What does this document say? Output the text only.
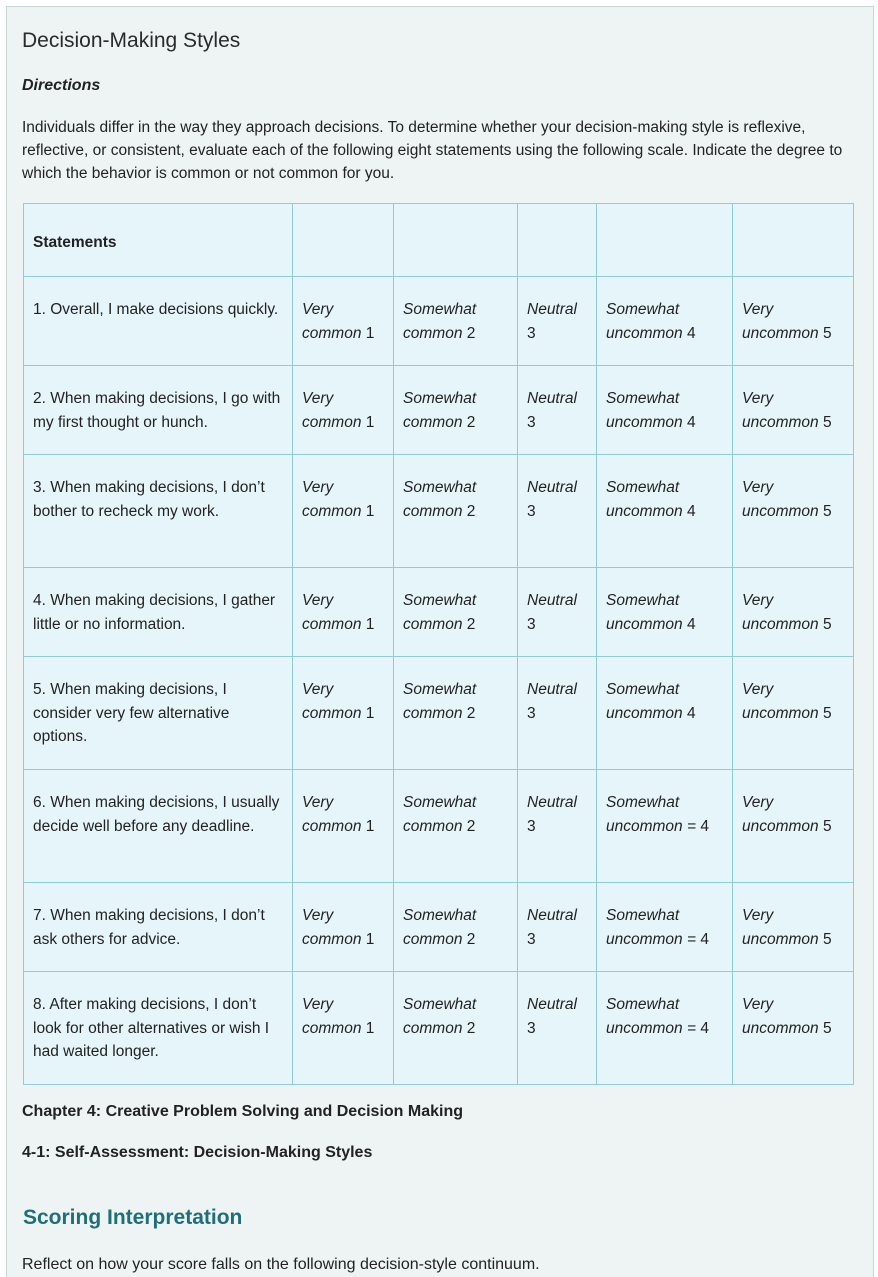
Decision-Making Styles
Directions
Individuals differ in the way they approach decisions. To determine whether your decision-making style is reflexive, reflective, or consistent, evaluate each of the following eight statements using the following scale. Indicate the degree to which the behavior is common or not common for you.
Statements					
1. Overall, I make decisions quickly.	Very common 1	Somewhat common 2	Neutral 3	Somewhat uncommon 4	Very uncommon 5
2. When making decisions, I go with my first thought or hunch.	Very common 1	Somewhat common 2	Neutral 3	Somewhat uncommon 4	Very uncommon 5
3. When making decisions, I don’t bother to recheck my work.	Very common 1	Somewhat common 2	Neutral 3	Somewhat uncommon 4	Very uncommon 5
4. When making decisions, I gather little or no information.	Very common 1	Somewhat common 2	Neutral 3	Somewhat uncommon 4	Very uncommon 5
5. When making decisions, I consider very few alternative options.	Very common 1	Somewhat common 2	Neutral 3	Somewhat uncommon 4	Very uncommon 5
6. When making decisions, I usually decide well before any deadline.	Very common 1	Somewhat common 2	Neutral 3	Somewhat uncommon = 4	Very uncommon 5
7. When making decisions, I don’t ask others for advice.	Very common 1	Somewhat common 2	Neutral 3	Somewhat uncommon = 4	Very uncommon 5
8. After making decisions, I don’t look for other alternatives or wish I had waited longer.	Very common 1	Somewhat common 2	Neutral 3	Somewhat uncommon = 4	Very uncommon 5
Chapter 4: Creative Problem Solving and Decision Making
4-1: Self-Assessment: Decision-Making Styles
Scoring Interpretation
Reflect on how your score falls on the following decision-style continuum.
